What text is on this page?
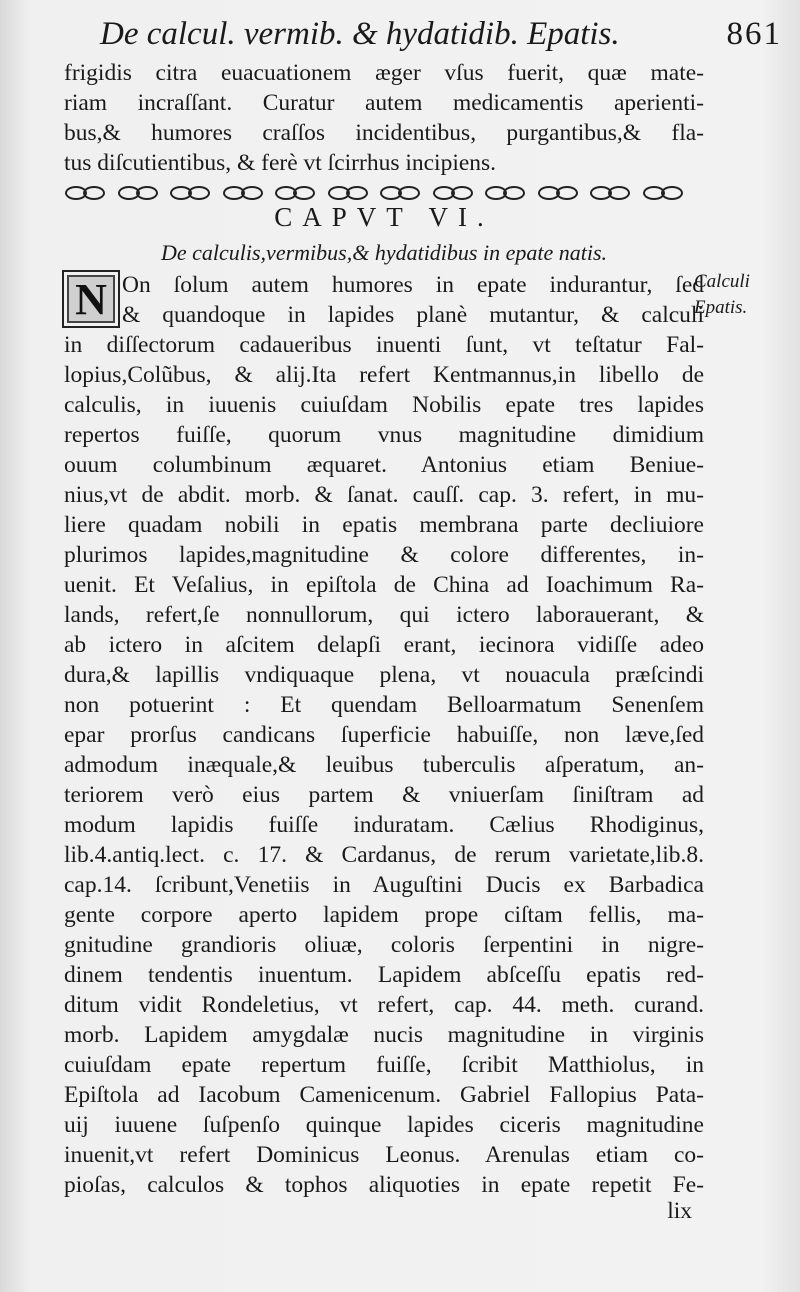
De calcul. vermib. & hydatidib. Epatis.	861
frigidis citra euacuationem æger vſus fuerit, quæ mate-
riam incraſſant. Curatur autem medicamentis aperienti-
bus,& humores craſſos incidentibus, purgantibus,& fla-
tus diſcutientibus, & ferè vt ſcirrhus incipiens.
CAPVT VI.
De calculis,vermibus,& hydatidibus in epate natis.
N	Calculi
Epatis.
On ſolum autem humores in epate indurantur, ſed
& quandoque in lapides planè mutantur, & calculi
in diſſectorum cadaueribus inuenti ſunt, vt teſtatur Fal-
lopius,Colũbus, & alij.Ita refert Kentmannus,in libello de
calculis, in iuuenis cuiuſdam Nobilis epate tres lapides
repertos fuiſſe, quorum vnus magnitudine dimidium
ouum columbinum æquaret. Antonius etiam Beniue-
nius,vt de abdit. morb. & ſanat. cauſſ. cap. 3. refert, in mu-
liere quadam nobili in epatis membrana parte decliuiore
plurimos lapides,magnitudine & colore differentes, in-
uenit. Et Veſalius, in epiſtola de China ad Ioachimum Ra-
lands, refert,ſe nonnullorum, qui ictero laborauerant, &
ab ictero in aſcitem delapſi erant, iecinora vidiſſe adeo
dura,& lapillis vndiquaque plena, vt nouacula præſcindi
non potuerint : Et quendam Belloarmatum Senenſem
epar prorſus candicans ſuperficie habuiſſe, non læve,ſed
admodum inæquale,& leuibus tuberculis aſperatum, an-
teriorem verò eius partem & vniuerſam ſiniſtram ad
modum lapidis fuiſſe induratam. Cælius Rhodiginus,
lib.4.antiq.lect. c. 17. & Cardanus, de rerum varietate,lib.8.
cap.14. ſcribunt,Venetiis in Auguſtini Ducis ex Barbadica
gente corpore aperto lapidem prope ciſtam fellis, ma-
gnitudine grandioris oliuæ, coloris ſerpentini in nigre-
dinem tendentis inuentum. Lapidem abſceſſu epatis red-
ditum vidit Rondeletius, vt refert, cap. 44. meth. curand.
morb. Lapidem amygdalæ nucis magnitudine in virginis
cuiuſdam epate repertum fuiſſe, ſcribit Matthiolus, in
Epiſtola ad Iacobum Camenicenum. Gabriel Fallopius Pata-
uij iuuene ſuſpenſo quinque lapides ciceris magnitudine
inuenit,vt refert Dominicus Leonus. Arenulas etiam co-
pioſas, calculos & tophos aliquoties in epate repetit Fe-
lix
